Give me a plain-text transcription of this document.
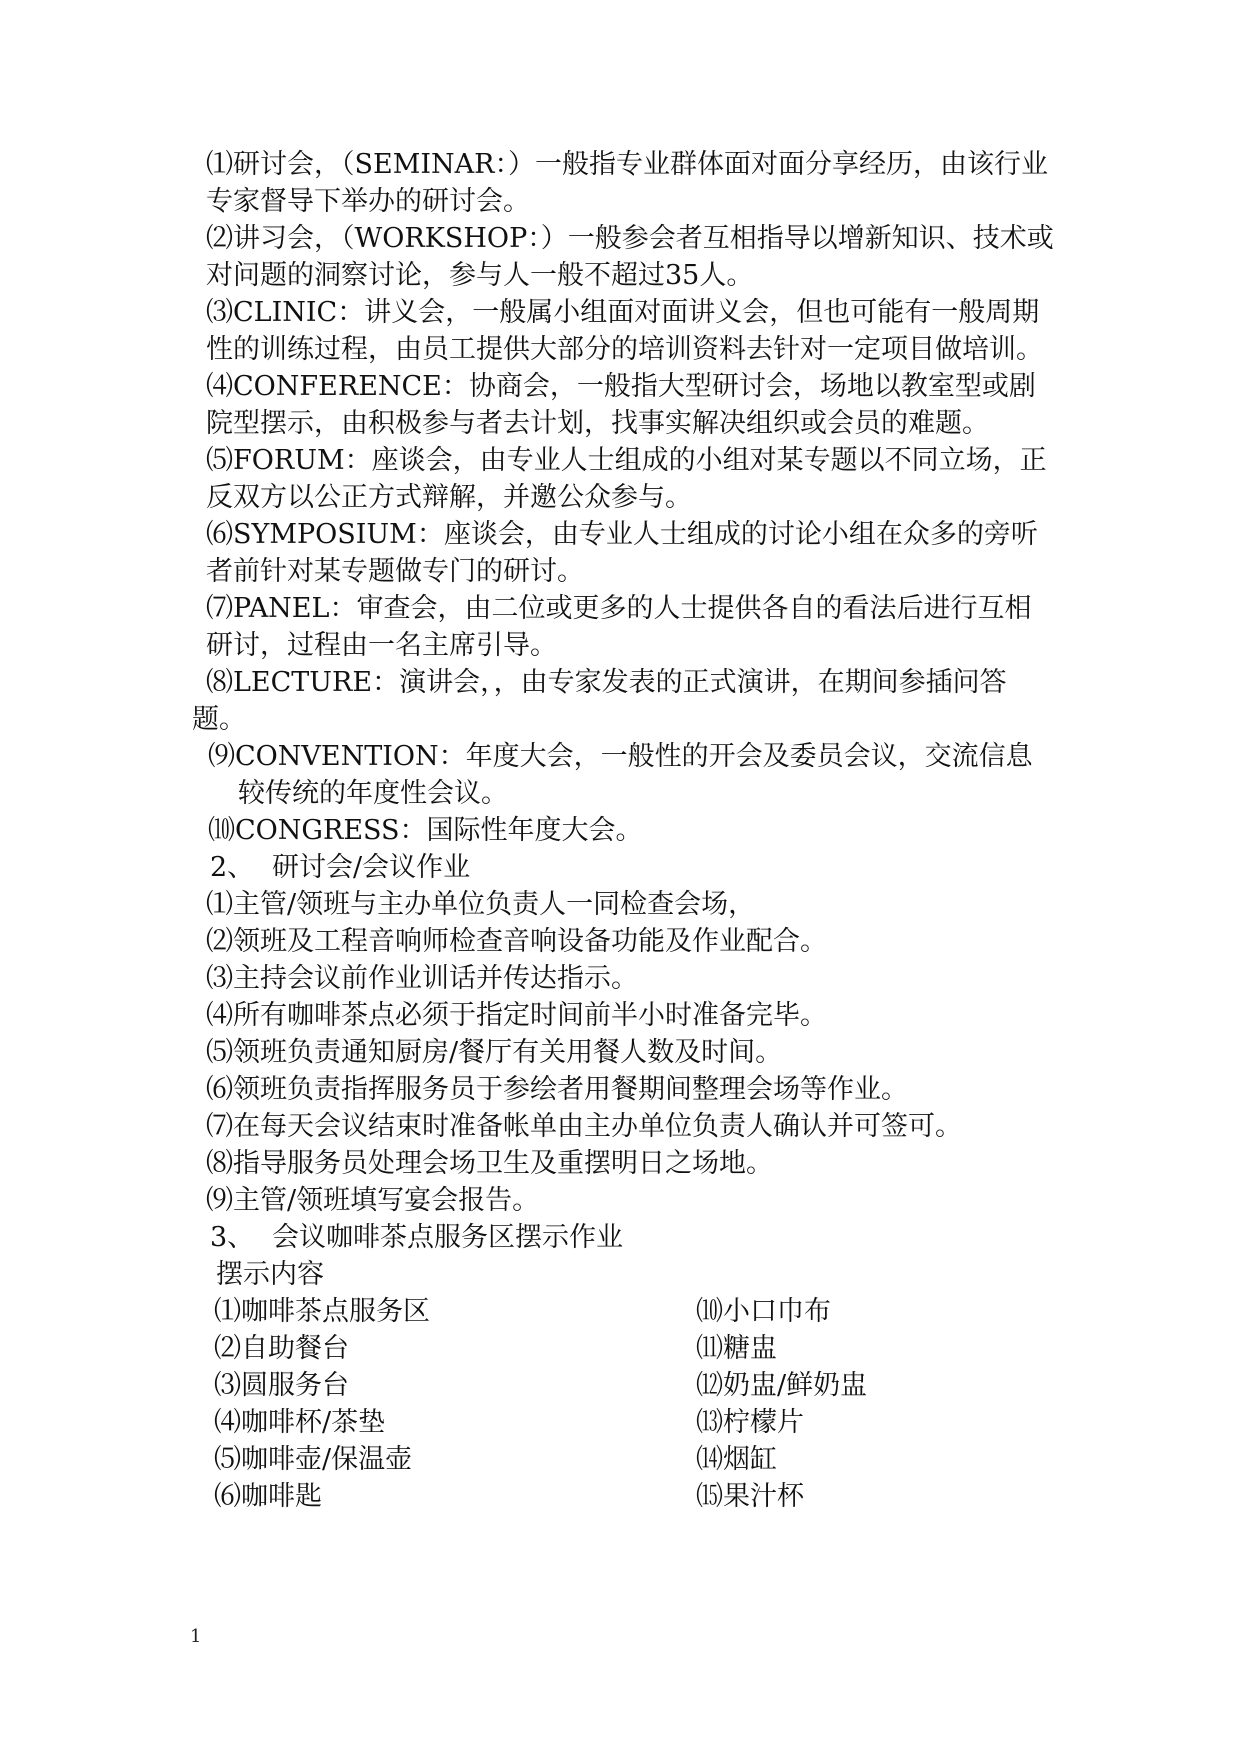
⑴研讨会，（SEMINAR：）一般指专业群体面对面分享经历，由该行业专家督导下举办的研讨会。

⑵讲习会，（WORKSHOP：）一般参会者互相指导以增新知识、技术或对问题的洞察讨论，参与人一般不超过35人。

⑶CLINIC：讲义会，一般属小组面对面讲义会，但也可能有一般周期性的训练过程，由员工提供大部分的培训资料去针对一定项目做培训。

⑷CONFERENCE：协商会，一般指大型研讨会，场地以教室型或剧院型摆示，由积极参与者去计划，找事实解决组织或会员的难题。

⑸FORUM：座谈会，由专业人士组成的小组对某专题以不同立场，正反双方以公正方式辩解，并邀公众参与。

⑹SYMPOSIUM：座谈会，由专业人士组成的讨论小组在众多的旁听者前针对某专题做专门的研讨。

⑺PANEL：审查会，由二位或更多的人士提供各自的看法后进行互相研讨，过程由一名主席引导。

⑻LECTURE：演讲会，，由专家发表的正式演讲，在期间参插问答题。

⑼CONVENTION：年度大会，一般性的开会及委员会议，交流信息较传统的年度性会议。

⑽CONGRESS：国际性年度大会。

2、 研讨会/会议作业

⑴主管/领班与主办单位负责人一同检查会场，

⑵领班及工程音响师检查音响设备功能及作业配合。

⑶主持会议前作业训话并传达指示。

⑷所有咖啡茶点必须于指定时间前半小时准备完毕。

⑸领班负责通知厨房/餐厅有关用餐人数及时间。

⑹领班负责指挥服务员于参绘者用餐期间整理会场等作业。

⑺在每天会议结束时准备帐单由主办单位负责人确认并可签可。

⑻指导服务员处理会场卫生及重摆明日之场地。

⑼主管/领班填写宴会报告。

3、 会议咖啡茶点服务区摆示作业

摆示内容

⑴咖啡茶点服务区	⑽小口巾布
⑵自助餐台	⑾糖盅
⑶圆服务台	⑿奶盅/鲜奶盅
⑷咖啡杯/茶垫	⒀柠檬片
⑸咖啡壶/保温壶	⒁烟缸
⑹咖啡匙	⒂果汁杯
1
